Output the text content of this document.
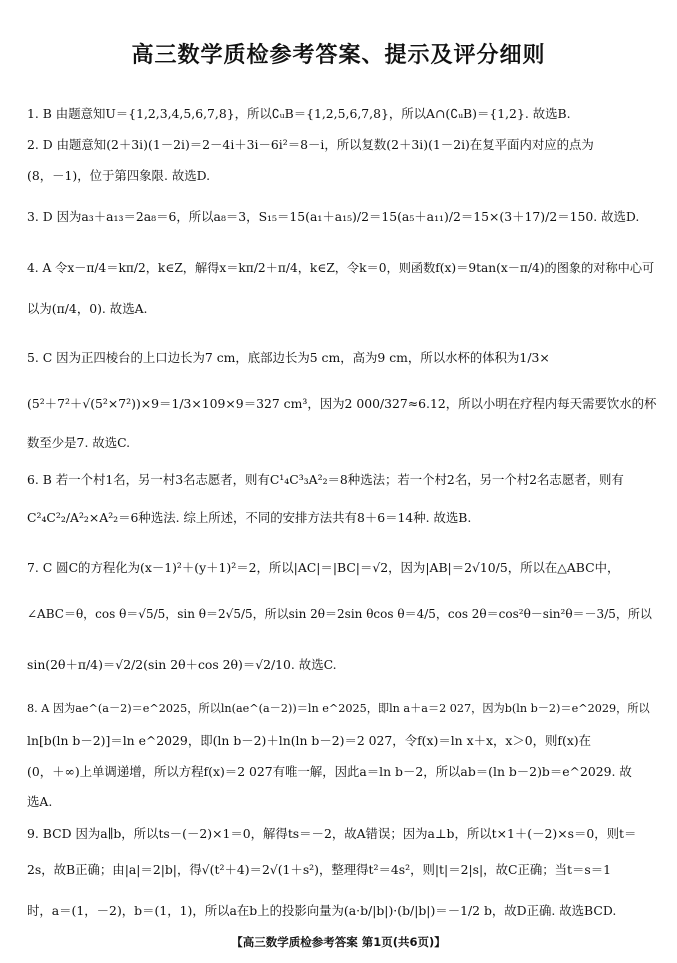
高三数学质检参考答案、提示及评分细则
1. B 由题意知U＝{1,2,3,4,5,6,7,8}，所以∁ᵤB＝{1,2,5,6,7,8}，所以A∩(∁ᵤB)＝{1,2}. 故选B.
2. D 由题意知(2＋3i)(1－2i)＝2－4i＋3i－6i²＝8－i，所以复数(2＋3i)(1－2i)在复平面内对应的点为
(8，－1)，位于第四象限. 故选D.
3. D 因为a₃＋a₁₃＝2a₈＝6，所以a₈＝3，S₁₅＝15(a₁＋a₁₅)/2＝15(a₅＋a₁₁)/2＝15×(3＋17)/2＝150. 故选D.
4. A 令x－π/4＝kπ/2，k∈Z，解得x＝kπ/2＋π/4，k∈Z，令k＝0，则函数f(x)＝9tan(x－π/4)的图象的对称中心可
以为(π/4，0). 故选A.
5. C 因为正四棱台的上口边长为7 cm，底部边长为5 cm，高为9 cm，所以水杯的体积为1/3×
(5²＋7²＋√(5²×7²))×9＝1/3×109×9＝327 cm³，因为2 000/327≈6.12，所以小明在疗程内每天需要饮水的杯
数至少是7. 故选C.
6. B 若一个村1名，另一村3名志愿者，则有C¹₄C³₃A²₂＝8种选法；若一个村2名，另一个村2名志愿者，则有
C²₄C²₂/A²₂×A²₂＝6种选法. 综上所述，不同的安排方法共有8＋6＝14种. 故选B.
7. C 圆C的方程化为(x－1)²＋(y＋1)²＝2，所以|AC|＝|BC|＝√2，因为|AB|＝2√10/5，所以在△ABC中，
∠ABC＝θ，cos θ＝√5/5，sin θ＝2√5/5，所以sin 2θ＝2sin θcos θ＝4/5，cos 2θ＝cos²θ－sin²θ＝－3/5，所以
sin(2θ＋π/4)＝√2/2(sin 2θ＋cos 2θ)＝√2/10. 故选C.
8. A 因为ae^(a－2)＝e^2025，所以ln(ae^(a－2))＝ln e^2025，即ln a＋a＝2 027，因为b(ln b－2)＝e^2029，所以
ln[b(ln b－2)]＝ln e^2029，即(ln b－2)＋ln(ln b－2)＝2 027，令f(x)＝ln x＋x，x＞0，则f(x)在
(0，＋∞)上单调递增，所以方程f(x)＝2 027有唯一解，因此a＝ln b－2，所以ab＝(ln b－2)b＝e^2029. 故
选A.
9. BCD 因为a∥b，所以ts－(－2)×1＝0，解得ts＝－2，故A错误；因为a⊥b，所以t×1＋(－2)×s＝0，则t＝
2s，故B正确；由|a|＝2|b|，得√(t²＋4)＝2√(1＋s²)，整理得t²＝4s²，则|t|＝2|s|，故C正确；当t＝s＝1
时，a＝(1，－2)，b＝(1，1)，所以a在b上的投影向量为(a·b/|b|)·(b/|b|)＝－1/2 b，故D正确. 故选BCD.
【高三数学质检参考答案 第1页(共6页)】
